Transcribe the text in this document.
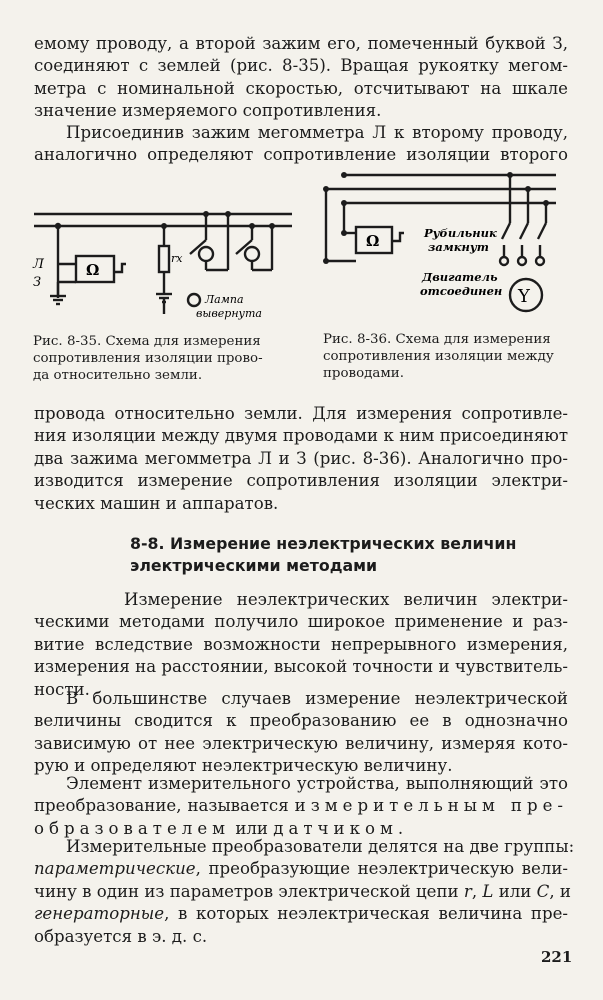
емому проводу, а второй зажим его, помеченный буквой З,
соединяют с землей (рис. 8-35). Вращая рукоятку мегом-
метра с номинальной скоростью, отсчитывают на шкале
значение измеряемого сопротивления.

Присоединив зажим мегомметра Л к второму проводу,
аналогично определяют сопротивление изоляции второго

Л
З
Ω
rx
Лампа
вывернута
Рис. 8-35. Схема для измерения
сопротивления изоляции прово-
да относительно земли.
Ω	Рубильник
замкнут
Двигатель
отсоединен Y
Рис. 8-36. Схема для измерения
сопротивления изоляции между
проводами.

провода относительно земли. Для измерения сопротивле-
ния изоляции между двумя проводами к ним присоединяют
два зажима мегомметра Л и З (рис. 8-36). Аналогично про-
изводится измерение сопротивления изоляции электри-
ческих машин и аппаратов.

8-8. Измерение неэлектрических величин
электрическими методами

Измерение неэлектрических величин электри-
ческими методами получило широкое применение и раз-
витие вследствие возможности непрерывного измерения,
измерения на расстоянии, высокой точности и чувствитель-
ности.

В большинстве случаев измерение неэлектрической
величины сводится к преобразованию ее в однозначно
зависимую от нее электрическую величину, измеряя кото-
рую и определяют неэлектрическую величину.

Элемент измерительного устройства, выполняющий это
преобразование, называется измерительным пре-
образователем или датчиком.

Измерительные преобразователи делятся на две группы:
параметрические, преобразующие неэлектрическую вели-
чину в один из параметров электрической цепи r, L или C, и
генераторные, в которых неэлектрическая величина пре-
образуется в э. д. с.

221
